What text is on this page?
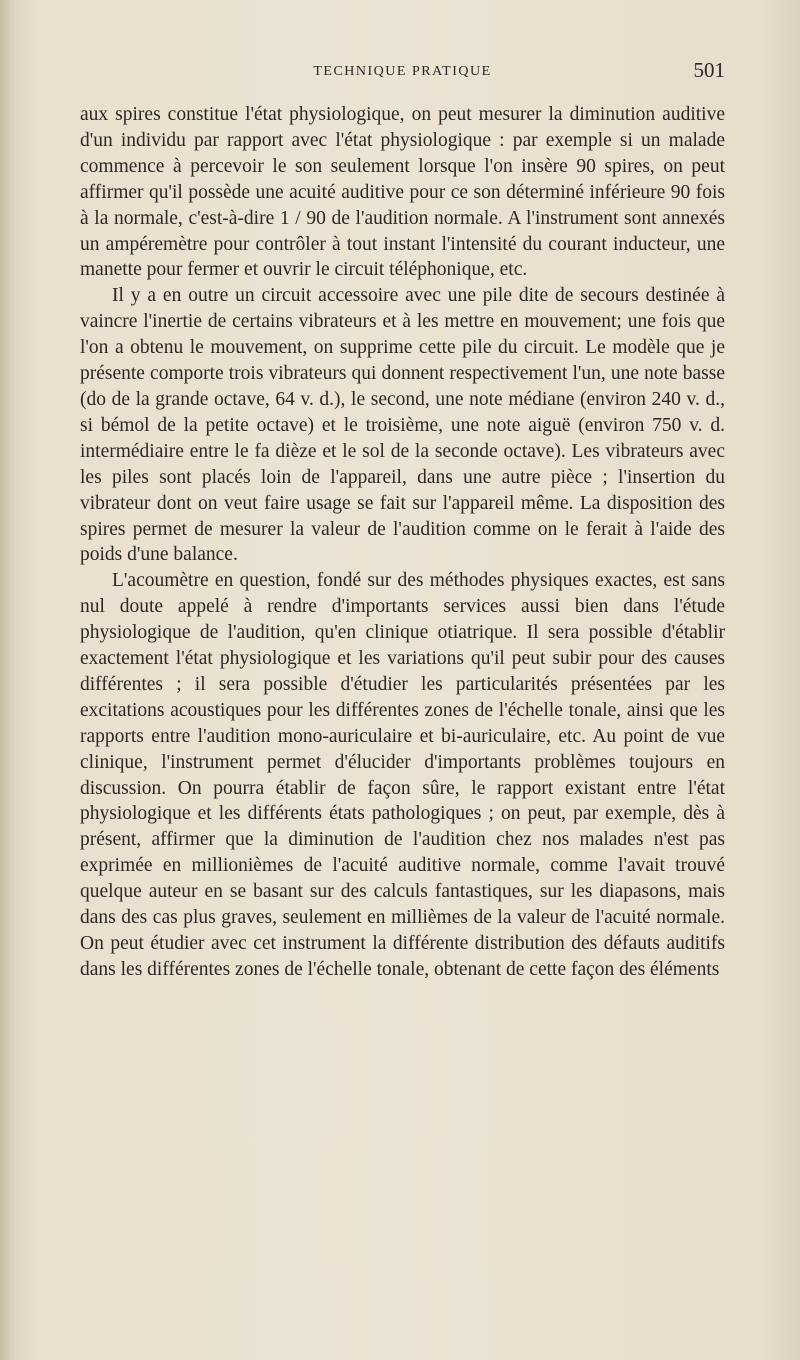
TECHNIQUE PRATIQUE	501

aux spires constitue l'état physiologique, on peut mesurer la diminution auditive d'un individu par rapport avec l'état physiologique : par exemple si un malade commence à percevoir le son seulement lorsque l'on insère 90 spires, on peut affirmer qu'il possède une acuité auditive pour ce son déterminé inférieure 90 fois à la normale, c'est-à-dire 1 / 90 de l'audition normale. A l'instrument sont annexés un ampéremètre pour contrôler à tout instant l'intensité du courant inducteur, une manette pour fermer et ouvrir le circuit téléphonique, etc.

Il y a en outre un circuit accessoire avec une pile dite de secours destinée à vaincre l'inertie de certains vibrateurs et à les mettre en mouvement; une fois que l'on a obtenu le mouvement, on supprime cette pile du circuit. Le modèle que je présente comporte trois vibrateurs qui donnent respectivement l'un, une note basse (do de la grande octave, 64 v. d.), le second, une note médiane (environ 240 v. d., si bémol de la petite octave) et le troisième, une note aiguë (environ 750 v. d. intermédiaire entre le fa dièze et le sol de la seconde octave). Les vibrateurs avec les piles sont placés loin de l'appareil, dans une autre pièce ; l'insertion du vibrateur dont on veut faire usage se fait sur l'appareil même. La disposition des spires permet de mesurer la valeur de l'audition comme on le ferait à l'aide des poids d'une balance.

L'acoumètre en question, fondé sur des méthodes physiques exactes, est sans nul doute appelé à rendre d'importants services aussi bien dans l'étude physiologique de l'audition, qu'en clinique otiatrique. Il sera possible d'établir exactement l'état physiologique et les variations qu'il peut subir pour des causes différentes ; il sera possible d'étudier les particularités présentées par les excitations acoustiques pour les différentes zones de l'échelle tonale, ainsi que les rapports entre l'audition mono-auriculaire et bi-auriculaire, etc. Au point de vue clinique, l'instrument permet d'élucider d'importants problèmes toujours en discussion. On pourra établir de façon sûre, le rapport existant entre l'état physiologique et les différents états pathologiques ; on peut, par exemple, dès à présent, affirmer que la diminution de l'audition chez nos malades n'est pas exprimée en millionièmes de l'acuité auditive normale, comme l'avait trouvé quelque auteur en se basant sur des calculs fantastiques, sur les diapasons, mais dans des cas plus graves, seulement en millièmes de la valeur de l'acuité normale. On peut étudier avec cet instrument la différente distribution des défauts auditifs dans les différentes zones de l'échelle tonale, obtenant de cette façon des éléments
